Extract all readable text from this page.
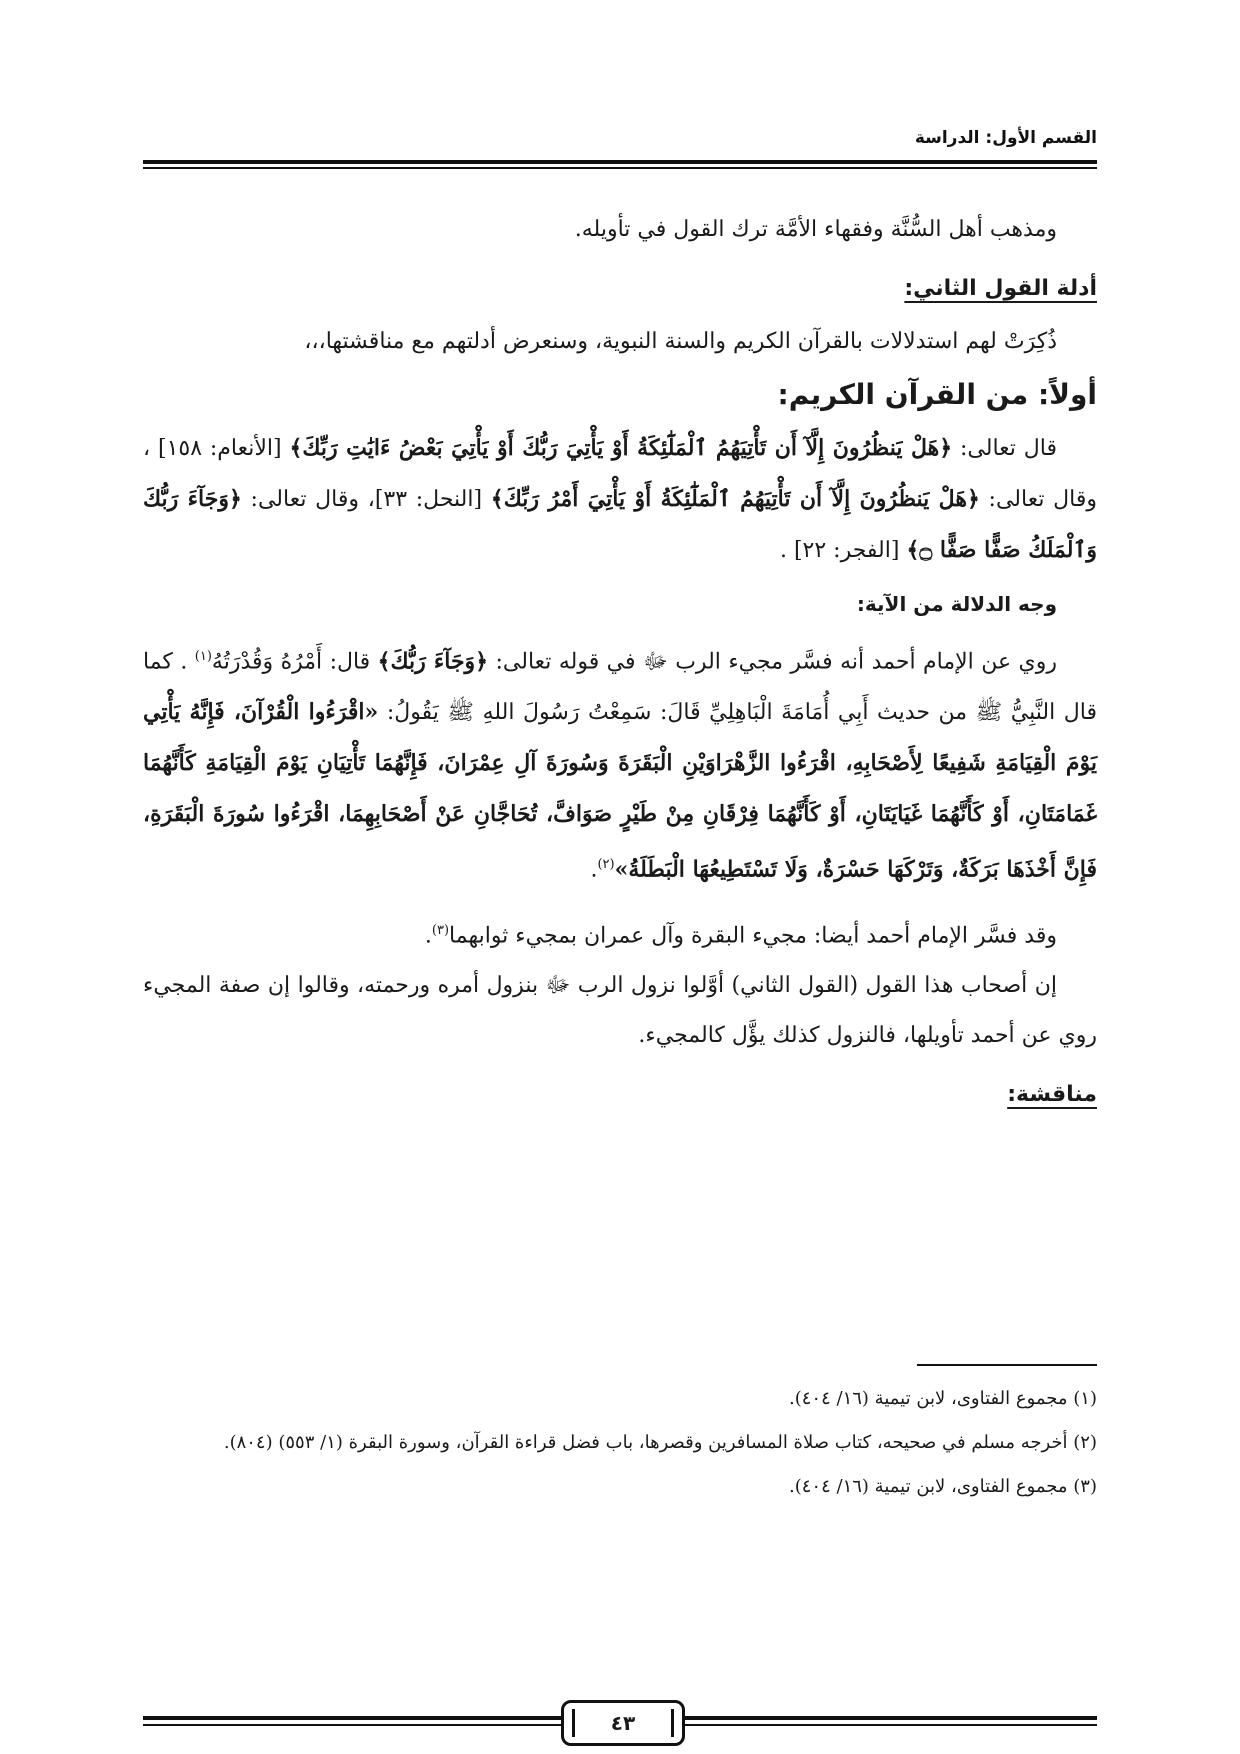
القسم الأول: الدراسة

ومذهب أهل السُّنَّة وفقهاء الأمَّة ترك القول في تأويله.

أدلة القول الثاني:

ذُكِرَتْ لهم استدلالات بالقرآن الكريم والسنة النبوية، وسنعرض أدلتهم مع مناقشتها،،،

أولاً: من القرآن الكريم:

قال تعالى: ﴿هَلْ يَنظُرُونَ إِلَّآ أَن تَأْتِيَهُمُ ٱلْمَلَٰٓئِكَةُ أَوْ يَأْتِيَ رَبُّكَ أَوْ يَأْتِيَ بَعْضُ ءَايَٰتِ رَبِّكَ﴾ [الأنعام: ١٥٨] ، وقال تعالى: ﴿هَلْ يَنظُرُونَ إِلَّآ أَن تَأْتِيَهُمُ ٱلْمَلَٰٓئِكَةُ أَوْ يَأْتِيَ أَمْرُ رَبِّكَ﴾ [النحل: ٣٣]، وقال تعالى: ﴿وَجَآءَ رَبُّكَ وَٱلْمَلَكُ صَفًّا صَفًّا ۝﴾ [الفجر: ٢٢] .

وجه الدلالة من الآية:

روي عن الإمام أحمد أنه فسَّر مجيء الرب ﷻ في قوله تعالى: ﴿وَجَآءَ رَبُّكَ﴾ قال: أَمْرُهُ وَقُدْرَتُهُ$^{(١)}$ . كما قال النَّبِيُّ ﷺ من حديث أَبِي أُمَامَةَ الْبَاهِلِيِّ قَالَ: سَمِعْتُ رَسُولَ اللهِ ﷺ يَقُولُ: «اقْرَءُوا الْقُرْآنَ، فَإِنَّهُ يَأْتِي يَوْمَ الْقِيَامَةِ شَفِيعًا لِأَصْحَابِهِ، اقْرَءُوا الزَّهْرَاوَيْنِ الْبَقَرَةَ وَسُورَةَ آلِ عِمْرَانَ، فَإِنَّهُمَا تَأْتِيَانِ يَوْمَ الْقِيَامَةِ كَأَنَّهُمَا غَمَامَتَانِ، أَوْ كَأَنَّهُمَا غَيَايَتَانِ، أَوْ كَأَنَّهُمَا فِرْقَانِ مِنْ طَيْرٍ صَوَافَّ، تُحَاجَّانِ عَنْ أَصْحَابِهِمَا، اقْرَءُوا سُورَةَ الْبَقَرَةِ، فَإِنَّ أَخْذَهَا بَرَكَةٌ، وَتَرْكَهَا حَسْرَةٌ، وَلَا تَسْتَطِيعُهَا الْبَطَلَةُ»$^{(٢)}$.

وقد فسَّر الإمام أحمد أيضا: مجيء البقرة وآل عمران بمجيء ثوابهما$^{(٣)}$.

إن أصحاب هذا القول (القول الثاني) أوَّلوا نزول الرب ﷻ بنزول أمره ورحمته، وقالوا إن صفة المجيء روي عن أحمد تأويلها، فالنزول كذلك يؤَّل كالمجيء.

مناقشة:

(١) مجموع الفتاوى، لابن تيمية (١٦/ ٤٠٤).

(٢) أخرجه مسلم في صحيحه، كتاب صلاة المسافرين وقصرها، باب فضل قراءة القرآن، وسورة البقرة (١/ ٥٥٣) (٨٠٤).

(٣) مجموع الفتاوى، لابن تيمية (١٦/ ٤٠٤).

٤٣
